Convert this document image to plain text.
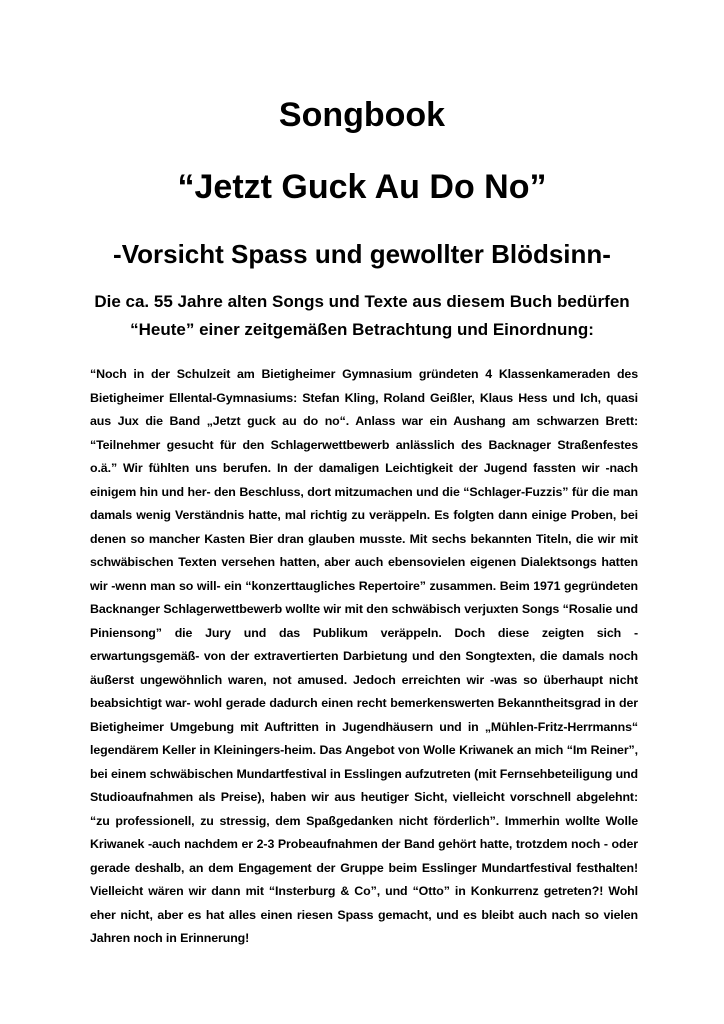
Songbook
“Jetzt Guck Au Do No”
-Vorsicht Spass und gewollter Blödsinn-
Die ca. 55 Jahre alten Songs und Texte aus diesem Buch bedürfen
“Heute” einer zeitgemäßen Betrachtung und Einordnung:

“Noch in der Schulzeit am Bietigheimer Gymnasium gründeten 4 Klassenkameraden des Bietigheimer Ellental-Gymnasiums: Stefan Kling, Roland Geißler, Klaus Hess und Ich, quasi aus Jux die Band „Jetzt guck au do no“. Anlass war ein Aushang am schwarzen Brett: “Teilnehmer gesucht für den Schlagerwettbewerb anlässlich des Backnager Straßenfestes o.ä.” Wir fühlten uns berufen. In der damaligen Leichtigkeit der Jugend fassten wir -nach einigem hin und her- den Beschluss, dort mitzumachen und die “Schlager-Fuzzis” für die man damals wenig Verständnis hatte, mal richtig zu veräppeln. Es folgten dann einige Proben, bei denen so mancher Kasten Bier dran glauben musste. Mit sechs bekannten Titeln, die wir mit schwäbischen Texten versehen hatten, aber auch ebensovielen eigenen Dialektsongs hatten wir -wenn man so will- ein “konzerttaugliches Repertoire” zusammen. Beim 1971 gegründeten Backnanger Schlagerwettbewerb wollte wir mit den schwäbisch verjuxten Songs “Rosalie und Piniensong” die Jury und das Publikum veräppeln. Doch diese zeigten sich -erwartungsgemäß- von der extravertierten Darbietung und den Songtexten, die damals noch äußerst ungewöhnlich waren, not amused. Jedoch erreichten wir -was so überhaupt nicht beabsichtigt war- wohl gerade dadurch einen recht bemerkenswerten Bekanntheitsgrad in der Bietigheimer Umgebung mit Auftritten in Jugendhäusern und in „Mühlen-Fritz-Herrmanns“ legendärem Keller in Kleiningers-heim. Das Angebot von Wolle Kriwanek an mich “Im Reiner”, bei einem schwäbischen Mundartfestival in Esslingen aufzutreten (mit Fernsehbeteiligung und Studioaufnahmen als Preise), haben wir aus heutiger Sicht, vielleicht vorschnell abgelehnt: “zu professionell, zu stressig, dem Spaßgedanken nicht förderlich”. Immerhin wollte Wolle Kriwanek -auch nachdem er 2-3 Probeaufnahmen der Band gehört hatte, trotzdem noch - oder gerade deshalb, an dem Engagement der Gruppe beim Esslinger Mundartfestival festhalten! Vielleicht wären wir dann mit “Insterburg & Co”, und “Otto” in Konkurrenz getreten?! Wohl eher nicht, aber es hat alles einen riesen Spass gemacht, und es bleibt auch nach so vielen Jahren noch in Erinnerung!
